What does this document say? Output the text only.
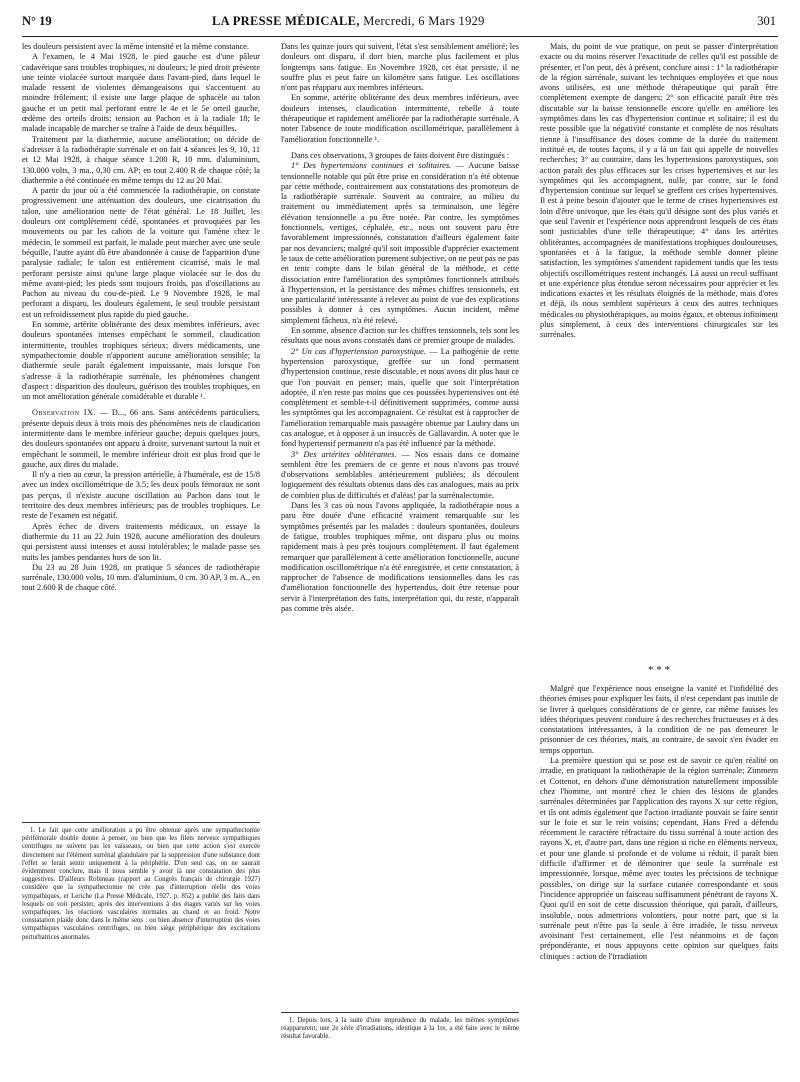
N° 19	LA PRESSE MÉDICALE, Mercredi, 6 Mars 1929	301

les douleurs persistent avec la même intensité et la même constance.

A l'examen, le 4 Mai 1928, le pied gauche est d'une pâleur cadavérique sans troubles trophiques, ni douleurs; le pied droit présente une teinte violacée surtout marquée dans l'avant-pied, dans lequel le malade ressent de violentes démangeaisons qui s'accentuent au moindre frôlement; il existe une large plaque de sphacèle au talon gauche et un petit mal perforant entre le 4e et le 5e orteil gauche, œdème des orteils droits; tension au Pachon et à la radiale 18; le malade incapable de marcher se traîne à l'aide de deux béquilles.

Traitement par la diathermie, aucune amélioration; on décide de s'adresser à la radiothérapie surrénale et on fait 4 séances les 9, 10, 11 et 12 Mai 1928, à chaque séance 1.200 R, 10 mm. d'aluminium, 130.000 volts, 3 ma., 0,30 cm. AP; en tout 2.400 R de chaque côté; la diathermie a été continuée en même temps du 12 au 20 Mai.

A partir du jour où a été commencée la radiothérapie, on constate progressivement une atténuation des douleurs, une cicatrisation du talon, une amélioration nette de l'état général. Le 18 Juillet, les douleurs ont complètement cédé, spontanées et provoquées par les mouvements ou par les cahots de la voiture qui l'amène chez le médecin, le sommeil est parfait, le malade peut marcher avec une seule béquille, l'autre ayant dû être abandonnée à cause de l'apparition d'une paralysie radiale; le talon est entièrement cicatrisé, mais le mal perforant persiste ainsi qu'une large plaque violacée sur le dos du même avant-pied; les pieds sont toujours froids, pas d'oscillations au Pachon au niveau du cou-de-pied. Le 9 Novembre 1928, le mal perforant a disparu, les douleurs également, le seul trouble persistant est un refroidissement plus rapide du pied gauche.

En somme, artérite oblitérante des deux membres inférieurs, avec douleurs spontanées intenses empêchant le sommeil, claudication intermittente, troubles trophiques sérieux; divers médicaments, une sympathectomie double n'apportent aucune amélioration sensible; la diathermie seule paraît également impuissante, mais lorsque l'on s'adresse à la radiothérapie surrénale, les phénomènes changent d'aspect : disparition des douleurs, guérison des troubles trophiques, en un mot amélioration générale considérable et durable ¹.

Observation IX. — D..., 66 ans. Sans antécédents particuliers, présente depuis deux à trois mois des phénomènes nets de claudication intermittente dans le membre inférieur gauche; depuis quelques jours, des douleurs spontanées ont apparu à droite, survenant surtout la nuit et empêchant le sommeil, le membre inférieur droit est plus froid que le gauche, aux dires du malade.

Il n'y a rien au cœur, la pression artérielle, à l'humérale, est de 15/8 avec un index oscillométrique de 3.5; les deux pouls fémoraux ne sont pas perçus, il n'existe aucune oscillation au Pachon dans tout le territoire des deux membres inférieurs; pas de troubles trophiques. Le reste de l'examen est négatif.

Après échec de divers traitements médicaux, on essaye la diathermie du 11 au 22 Juin 1928, aucune amélioration des douleurs qui persistent aussi intenses et aussi intolérables; le malade passe ses nuits les jambes pendantes hors de son lit.

Du 23 au 28 Juin 1928, on pratique 5 séances de radiothérapie surrénale, 130.000 volts, 10 mm. d'aluminium, 0 cm. 30 AP, 3 m. A., en tout 2.600 R de chaque côté.

1. Le fait que cette amélioration a pu être obtenue après une sympathectomie périfémorale double donne à penser, ou bien que les filets nerveux sympathiques centrifuges ne suivent pas les vaisseaux, ou bien que cette action s'est exercée directement sur l'élément surrénal glandulaire par la suppression d'une substance dont l'effet se ferait sentir uniquement à la périphérie. D'un seul cas, on ne saurait évidemment conclure, mais il nous semble y avoir là une constatation des plus suggestives. D'ailleurs Robineau (rapport au Congrès français de chirurgie 1927) considère que la sympathectomie ne crée pas d'interruption réelle des voies sympathiques, et Leriche (La Presse Médicale, 1927, p. 852) a publié des faits dans lesquels on voit persister, après des interventions à des étages variés sur les voies sympathiques, les réactions vasculaires normales au chaud et au froid. Notre constatation plaide donc dans le même sens : ou bien absence d'interruption des voies sympathiques vasculaires centrifuges, ou bien siège périphérique des excitations perturbatrices anormales.

Dans les quinze jours qui suivent, l'état s'est sensiblement amélioré; les douleurs ont disparu, il dort bien, marche plus facilement et plus longtemps sans fatigue. En Novembre 1928, cet état persiste, il ne souffre plus et peut faire un kilomètre sans fatigue. Les oscillations n'ont pas réapparu aux membres inférieurs.

En somme, artérite oblitérante des deux membres inférieurs, avec douleurs intenses, claudication intermittente, rebelle à toute thérapeutique et rapidement améliorée par la radiothérapie surrénale. A noter l'absence de toute modification oscillométrique, parallèlement à l'amélioration fonctionnelle ¹.

Dans ces observations, 3 groupes de faits doivent être distingués :

1° Des hypertensions continues et solitaires. — Aucune baisse tensionnelle notable qui pût être prise en considération n'a été obtenue par cette méthode, contrairement aux constatations des promoteurs de la radiothérapie surrénale. Souvent au contraire, au milieu du traitement ou immédiatement après sa terminaison, une légère élévation tensionnelle a pu être notée. Par contre, les symptômes fonctionnels, vertiges, céphalée, etc., nous ont souvent paru être favorablement impressionnés, constatation d'ailleurs également faite par nos devanciers; malgré qu'il soit impossible d'apprécier exactement le taux de cette amélioration purement subjective, on ne peut pas ne pas en tenir compte dans le bilan général de la méthode, et cette dissociation entre l'amélioration des symptômes fonctionnels attribués à l'hypertension, et la persistance des mêmes chiffres tensionnels, est une particularité intéressante à relever au point de vue des explications possibles à donner à ces symptômes. Aucun incident, même simplement fâcheux, n'a été relevé.

En somme, absence d'action sur les chiffres tensionnels, tels sont les résultats que nous avons constatés dans ce premier groupe de malades.

2° Un cas d'hypertension paroxystique. — La pathogénie de cette hypertension paroxystique, greffée sur un fond permanent d'hypertension continue, reste discutable, et nous avons dit plus haut ce que l'on pouvait en penser; mais, quelle que soit l'interprétation adoptée, il n'en reste pas moins que ces poussées hypertensives ont été complètement et semble-t-il définitivement supprimées, comme aussi les symptômes qui les accompagnaient. Ce résultat est à rapprocher de l'amélioration remarquable mais passagère obtenue par Laubry dans un cas analogue, et à opposer à un insuccès de Gallavardin. A noter que le fond hypertensif permanent n'a pas été influencé par la méthode.

3° Des artérites oblitérantes. — Nos essais dans ce domaine semblent être les premiers de ce genre et nous n'avons pas trouvé d'observations semblables antérieurement publiées; ils découlent logiquement des résultats obtenus dans des cas analogues, mais au prix de combien plus de difficultés et d'aléas! par la surrénalectomie.

Dans les 3 cas où nous l'avons appliquée, la radiothérapie nous a paru être douée d'une efficacité vraiment remarquable sur les symptômes présentés par les malades : douleurs spontanées, douleurs de fatigue, troubles trophiques même, ont disparu plus ou moins rapidement mais à peu près toujours complètement. Il faut également remarquer que parallèlement à cette amélioration fonctionnelle, aucune modification oscillométrique n'a été enregistrée, et cette constatation, à rapprocher de l'absence de modifications tensionnelles dans les cas d'amélioration fonctionnelle des hypertendus, doit être retenue pour servir à l'interprétation des faits, interprétation qui, du reste, n'apparaît pas comme très aisée.

1. Depuis lors, à la suite d'une imprudence du malade, les mêmes symptômes réapparurent; une 2e série d'irradiations, identique à la 1re, a été faite avec le même résultat favorable.

Mais, du point de vue pratique, on peut se passer d'interprétation exacte ou du moins réserver l'exactitude de celles qu'il est possible de présenter, et l'on peut, dès à présent, conclure ainsi : 1° la radiothérapie de la région surrénale, suivant les techniques employées et que nous avons utilisées, est une méthode thérapeutique qui paraît être complètement exempte de dangers; 2° son efficacité paraît être très discutable sur la baisse tensionnelle encore qu'elle en améliore les symptômes dans les cas d'hypertension continue et solitaire; il est du reste possible que la négativité constante et complète de nos résultats tienne à l'insuffisance des doses comme de la durée du traitement institué et, de toutes façons, il y a là un fait qui appelle de nouvelles recherches; 3° au contraire, dans les hypertensions paroxystiques, son action paraît des plus efficaces sur les crises hypertensives et sur les symptômes qui les accompagnent, nulle, par contre, sur le fond d'hypertension continue sur lequel se greffent ces crises hypertensives. Il est à peine besoin d'ajouter que le terme de crises hypertensives est loin d'être univoque, que les états qu'il désigne sont des plus variés et que seul l'avenir et l'expérience nous apprendront lesquels de ces états sont justiciables d'une telle thérapeutique; 4° dans les artérites oblitérantes, accompagnées de manifestations trophiques douloureuses, spontanées et à la fatigue, la méthode semble donner pleine satisfaction, les symptômes s'amendent rapidement tandis que les tests objectifs oscillométriques restent inchangés. Là aussi un recul suffisant et une expérience plus étendue seront nécessaires pour apprécier et les indications exactes et les résultats éloignés de la méthode, mais d'ores et déjà, ils nous semblent supérieurs à ceux des autres techniques médicales ou physiothérapiques, au moins égaux, et obtenus infiniment plus simplement, à ceux des interventions chirurgicales sur les surrénales.

* * *

Malgré que l'expérience nous enseigne la vanité et l'infidélité des théories émises pour expliquer les faits, il n'est cependant pas inutile de se livrer à quelques considérations de ce genre, car même fausses les idées théoriques peuvent conduire à des recherches fructueuses et à des constatations intéressantes, à la condition de ne pas demeurer le prisonnier de ces théories, mais, au contraire, de savoir s'en évader en temps opportun.

La première question qui se pose est de savoir ce qu'en réalité on irradie, en pratiquant la radiothérapie de la région surrénale; Zimmern et Cottenot, en dehors d'une démonstration naturellement impossible chez l'homme, ont montré chez le chien des lésions de glandes surrénales déterminées par l'application des rayons X sur cette région, et ils ont admis également que l'action irradiante pouvait se faire sentir sur le foie et sur le rein voisins; cependant, Hans Fred a défendu récemment le caractère réfractaire du tissu surrénal à toute action des rayons X, et, d'autre part, dans une région si riche en éléments nerveux, et pour une glande si profonde et de volume si réduit, il paraît bien difficile d'affirmer et de démontrer que seule la surrénale est impressionnée, lorsque, même avec toutes les précisions de technique possibles, on dirige sur la surface cutanée correspondante et sous l'incidence appropriée un faisceau suffisamment pénétrant de rayons X. Quoi qu'il en soit de cette discussion théorique, qui paraît, d'ailleurs, insoluble, nous admettrions volontiers, pour notre part, que si la surrénale peut n'être pas la seule à être irradiée, le tissu nerveux avoisinant l'est certainement, elle l'est néanmoins et de façon prépondérante, et nous appuyons cette opinion sur quelques faits cliniques : action de l'irradiation
